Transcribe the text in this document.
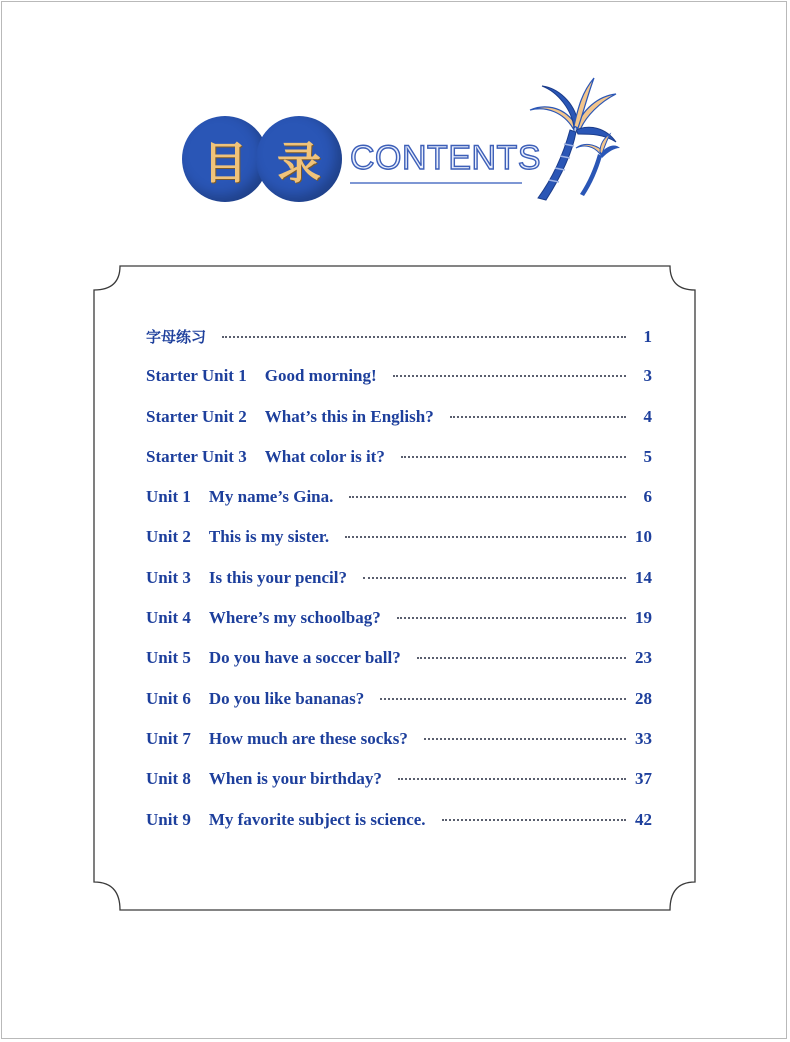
目 录 CONTENTS
字母练习	1
Starter Unit 1 Good morning!	3
Starter Unit 2 What’s this in English?	4
Starter Unit 3 What color is it?	5
Unit 1 My name’s Gina.	6
Unit 2 This is my sister.	10
Unit 3 Is this your pencil?	14
Unit 4 Where’s my schoolbag?	19
Unit 5 Do you have a soccer ball?	23
Unit 6 Do you like bananas?	28
Unit 7 How much are these socks?	33
Unit 8 When is your birthday?	37
Unit 9 My favorite subject is science.	42
